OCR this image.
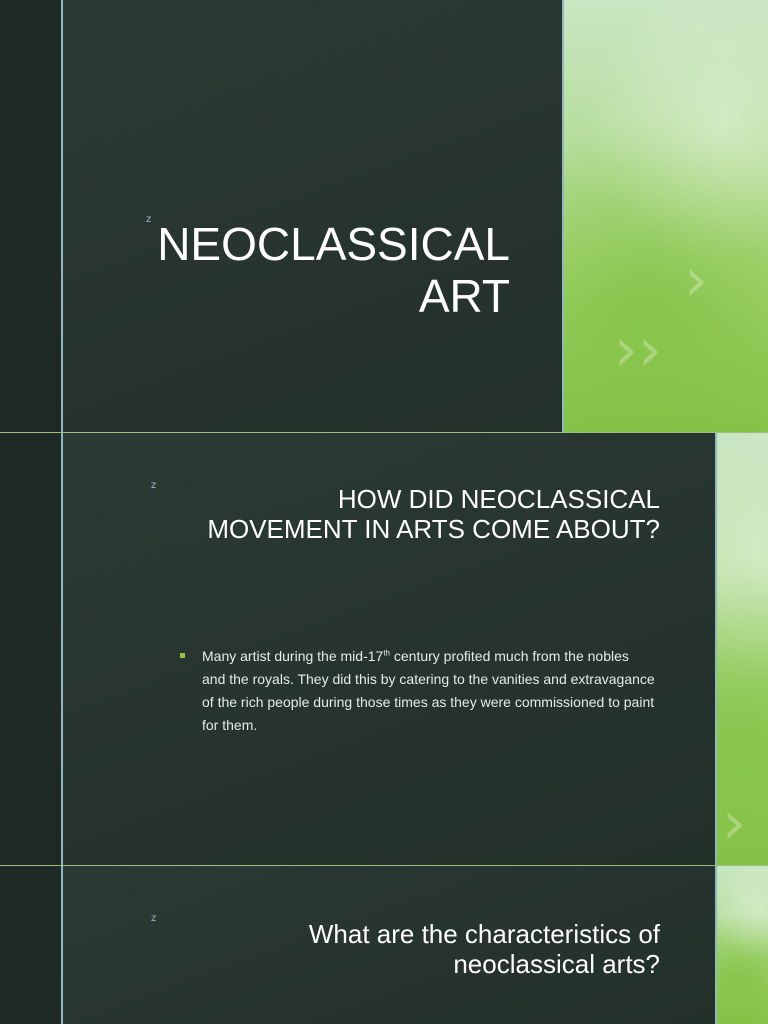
››
›
z NEOCLASSICAL
ART
›
z	HOW DID NEOCLASSICAL
MOVEMENT IN ARTS COME ABOUT?
Many artist during the mid-17th century profited much from the nobles and the royals. They did this by catering to the vanities and extravagance of the rich people during those times as they were commissioned to paint for them.
z
What are the characteristics of
neoclassical arts?
